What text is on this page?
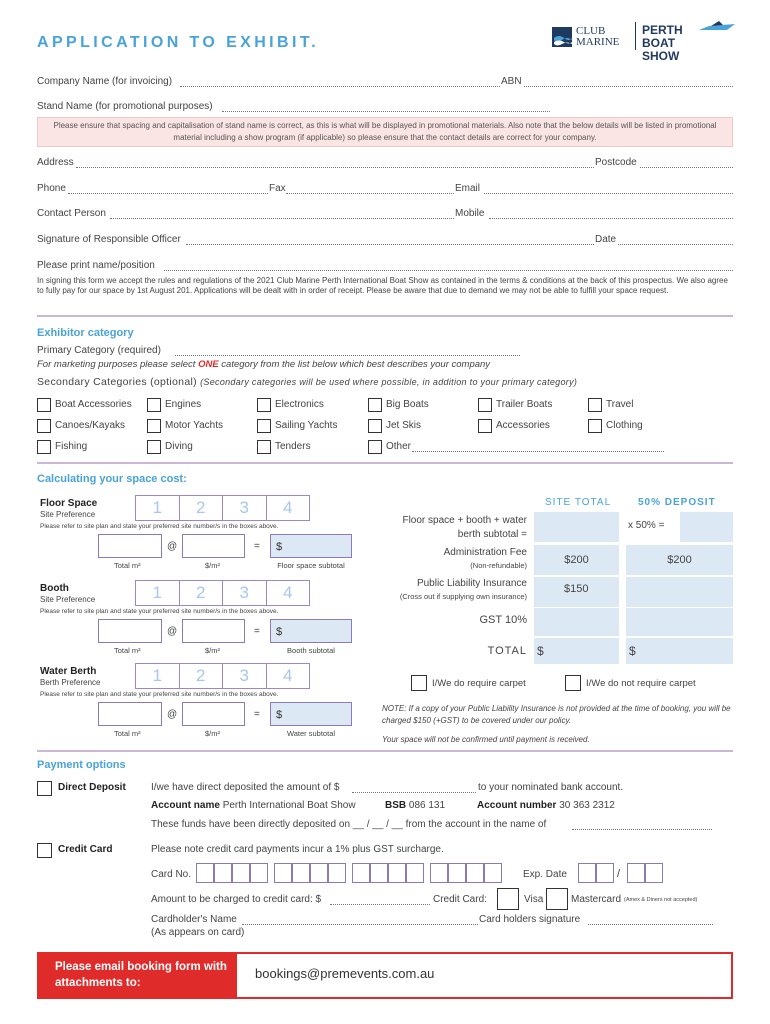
APPLICATION TO EXHIBIT.
CLUB MARINE
PERTH BOAT SHOW
Company Name (for invoicing)	ABN
Stand Name (for promotional purposes)
Please ensure that spacing and capitalisation of stand name is correct, as this is what will be displayed in promotional materials. Also note that the below details will be listed in promotional material including a show program (if applicable) so please ensure that the contact details are correct for your company.
Address	Postcode
Phone	Fax	Email
Contact Person	Mobile
Signature of Responsible Officer	Date
Please print name/position
In signing this form we accept the rules and regulations of the 2021 Club Marine Perth International Boat Show as contained in the terms & conditions at the back of this prospectus. We also agree to fully pay for our space by 1st August 201. Applications will be dealt with in order of receipt. Please be aware that due to demand we may not be able to fulfill your space request.
Exhibitor category
Primary Category (required)
For marketing purposes please select ONE category from the list below which best describes your company
Secondary Categories (optional) (Secondary categories will be used where possible, in addition to your primary category)
Boat Accessories	Engines	Electronics	Big Boats	Trailer Boats	Travel
Canoes/Kayaks	Motor Yachts	Sailing Yachts	Jet Skis	Accessories	Clothing
Fishing	Diving	Tenders	Other
Calculating your space cost:
Floor Space
Site Preference	1	2	3	4
Please refer to site plan and state your preferred site number/s in the boxes above.
@	=	$
Total m²	$/m²	Floor space subtotal
Booth
Site Preference	1	2	3	4
Please refer to site plan and state your preferred site number/s in the boxes above.
@	=	$
Total m²	$/m²	Booth subtotal
Water Berth
Berth Preference	1	2	3	4
Please refer to site plan and state your preferred site number/s in the boxes above.
@	=	$
Total m²	$/m²	Water subtotal
SITE TOTAL	50% DEPOSIT
Floor space + booth + water
berth subtotal =
x 50% =
Administration Fee
(Non-refundable)	$200	$200
Public Liability Insurance
(Cross out if supplying own insurance)
$150
GST 10%
TOTAL $	$
I/We do require carpet	I/We do not require carpet
NOTE: If a copy of your Public Liability Insurance is not provided at the time of booking, you will be charged $150 (+GST) to be covered under our policy.
Your space will not be confirmed until payment is received.
Payment options
Direct Deposit	I/we have direct deposited the amount of $	to your nominated bank account.
Account name Perth International Boat Show	BSB 086 131	Account number 30 363 2312
These funds have been directly deposited on __ / __ / __ from the account in the name of
Credit Card	Please note credit card payments incur a 1% plus GST surcharge.
Card No.	Exp. Date	/
Amount to be charged to credit card: $	Credit Card:	Visa	Mastercard (Amex & Diners not accepted)
Cardholder's Name
(As appears on card)
Card holders signature
Please email booking form with attachments to:
bookings@premevents.com.au
